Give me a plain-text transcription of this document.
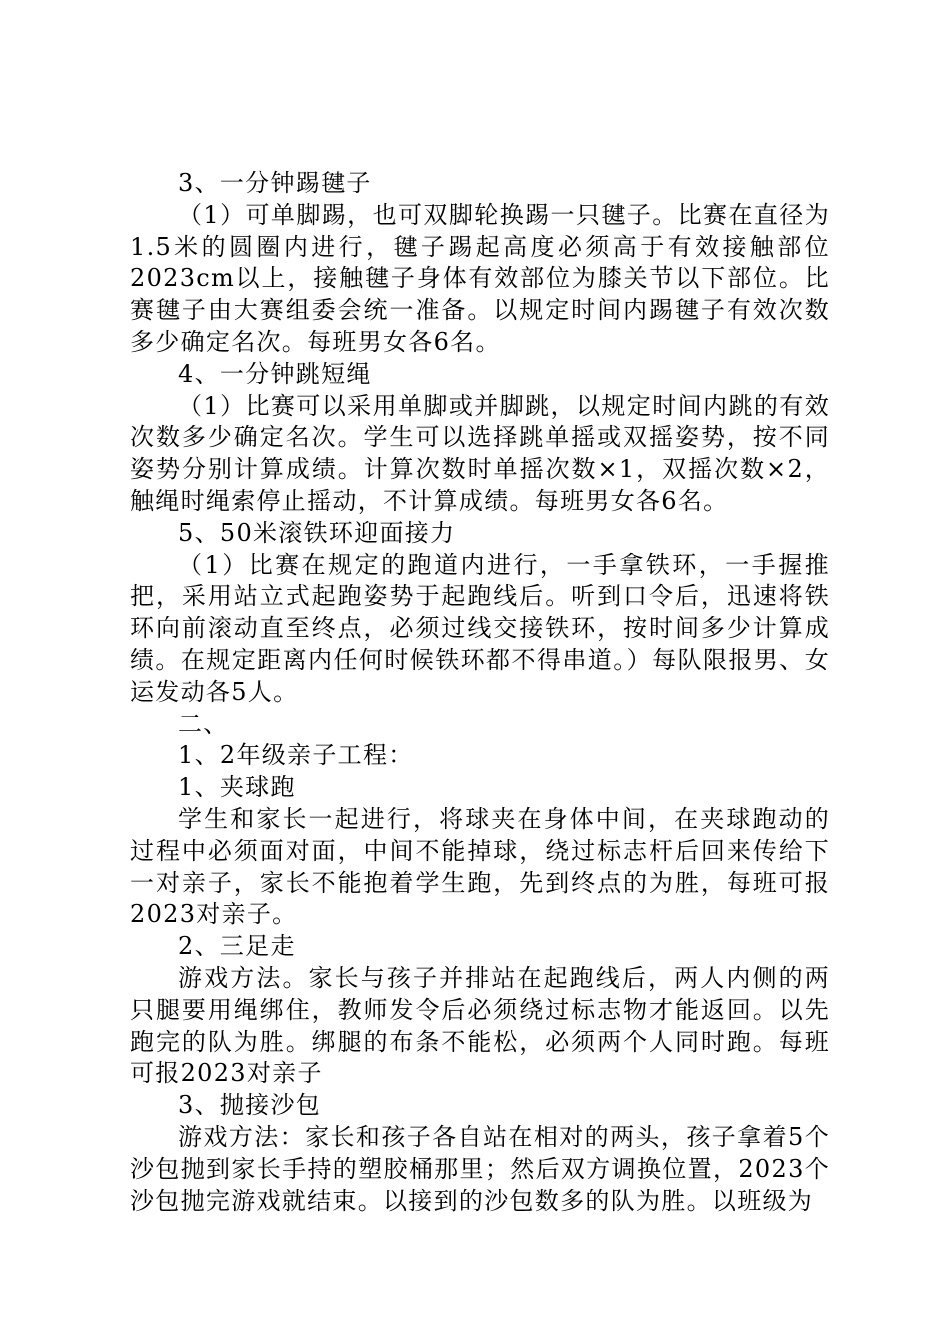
3、一分钟踢毽子

（1）可单脚踢，也可双脚轮换踢一只毽子。比赛在直径为1.5米的圆圈内进行，毽子踢起高度必须高于有效接触部位2023cm以上，接触毽子身体有效部位为膝关节以下部位。比赛毽子由大赛组委会统一准备。以规定时间内踢毽子有效次数多少确定名次。每班男女各6名。

4、一分钟跳短绳

（1）比赛可以采用单脚或并脚跳，以规定时间内跳的有效次数多少确定名次。学生可以选择跳单摇或双摇姿势，按不同姿势分别计算成绩。计算次数时单摇次数×1，双摇次数×2，触绳时绳索停止摇动，不计算成绩。每班男女各6名。

5、50米滚铁环迎面接力

（1）比赛在规定的跑道内进行，一手拿铁环，一手握推把，采用站立式起跑姿势于起跑线后。听到口令后，迅速将铁环向前滚动直至终点，必须过线交接铁环，按时间多少计算成绩。在规定距离内任何时候铁环都不得串道。）每队限报男、女运发动各5人。

二、

1、2年级亲子工程：

1、夹球跑

学生和家长一起进行，将球夹在身体中间，在夹球跑动的过程中必须面对面，中间不能掉球，绕过标志杆后回来传给下一对亲子，家长不能抱着学生跑，先到终点的为胜，每班可报2023对亲子。

2、三足走

游戏方法。家长与孩子并排站在起跑线后，两人内侧的两只腿要用绳绑住，教师发令后必须绕过标志物才能返回。以先跑完的队为胜。绑腿的布条不能松，必须两个人同时跑。每班可报2023对亲子

3、抛接沙包

游戏方法：家长和孩子各自站在相对的两头，孩子拿着5个沙包抛到家长手持的塑胶桶那里；然后双方调换位置，2023个沙包抛完游戏就结束。以接到的沙包数多的队为胜。以班级为
